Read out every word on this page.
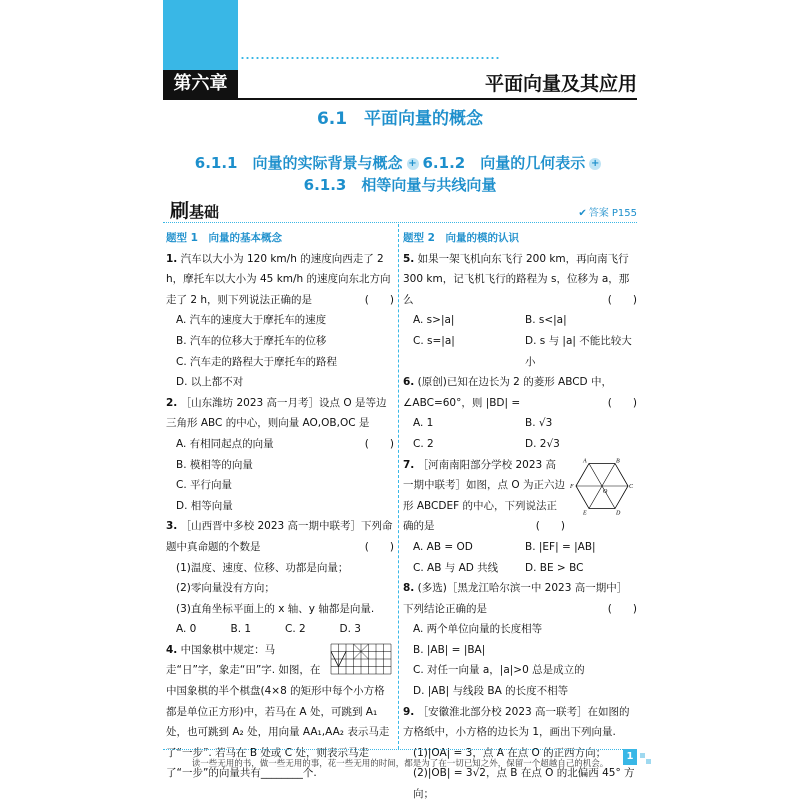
第六章	平面向量及其应用
6.1　平面向量的概念
6.1.1　向量的实际背景与概念 + 6.1.2　向量的几何表示 +
6.1.3　相等向量与共线向量
刷基础	✔ 答案 P155
题型 1　向量的基本概念
1. 汽车以大小为 120 km/h 的速度向西走了 2 h，摩托车以大小为 45 km/h 的速度向东北方向走了 2 h，则下列说法正确的是	(　　)
A. 汽车的速度大于摩托车的速度
B. 汽车的位移大于摩托车的位移
C. 汽车走的路程大于摩托车的路程
D. 以上都不对
2. ［山东潍坊 2023 高一月考］设点 O 是等边三角形 ABC 的中心，则向量 AO,OB,OC 是
(　　)
A. 有相同起点的向量
B. 模相等的向量
C. 平行向量
D. 相等向量
3. ［山西晋中多校 2023 高一期中联考］下列命题中真命题的个数是	(　　)
(1)温度、速度、位移、功都是向量；
(2)零向量没有方向；
(3)直角坐标平面上的 x 轴、y 轴都是向量.
A. 0	B. 1	C. 2	D. 3
4. 中国象棋中规定：马走“日”字，象走“田”字. 如图，在中国象棋的半个棋盘(4×8 的矩形中每个小方格都是单位正方形)中，若马在 A 处，可跳到 A₁ 处，也可跳到 A₂ 处，用向量 AA₁,AA₂ 表示马走了“一步”. 若马在 B 处或 C 处，则表示马走了“一步”的向量共有________个.
题型 2　向量的模的认识
5. 如果一架飞机向东飞行 200 km，再向南飞行 300 km，记飞机飞行的路程为 s，位移为 a，那么	(　　)
A. s>|a|	B. s<|a|
C. s=|a|	D. s 与 |a| 不能比较大小
6. (原创)已知在边长为 2 的菱形 ABCD 中，∠ABC=60°，则 |BD| =	(　　)
A. 1	B. √3
C. 2	D. 2√3
A	B
C
D
E
F
O
7. ［河南南阳部分学校 2023 高一期中联考］如图，点 O 为正六边形 ABCDEF 的中心，下列说法正确的是	(　　)
A. AB = OD	B. |EF| = |AB|
C. AB 与 AD 共线	D. BE > BC
8. (多选)［黑龙江哈尔滨一中 2023 高一期中］下列结论正确的是	(　　)
A. 两个单位向量的长度相等
B. |AB| = |BA|
C. 对任一向量 a，|a|>0 总是成立的
D. |AB| 与线段 BA 的长度不相等
9. ［安徽淮北部分校 2023 高一联考］在如图的方格纸中，小方格的边长为 1，画出下列向量.
(1)|OA| = 3，点 A 在点 O 的正西方向；
(2)|OB| = 3√2，点 B 在点 O 的北偏西 45° 方向；
读一些无用的书，做一些无用的事，花一些无用的时间，都是为了在一切已知之外，保留一个超越自己的机会。
1
